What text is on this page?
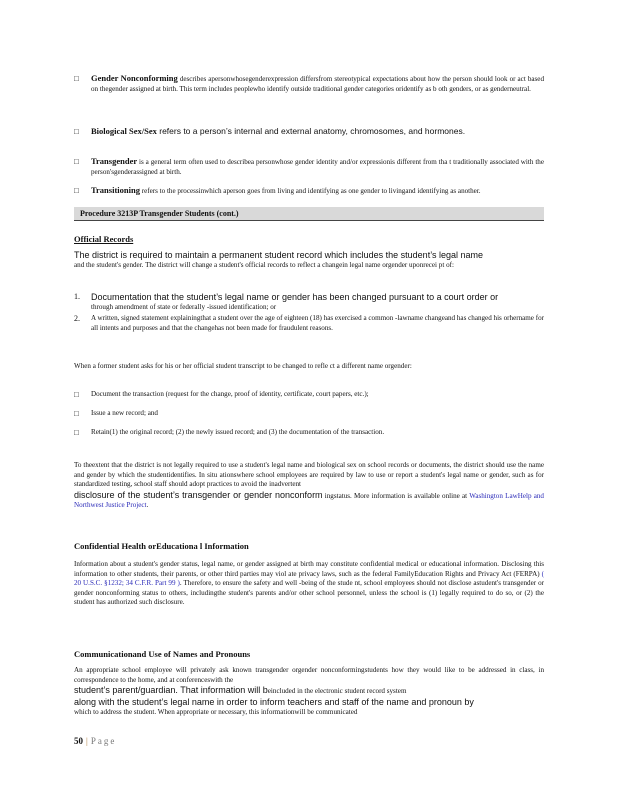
□	Gender Nonconforming describes apersonwhosegenderexpression differsfrom stereotypical expectations about how the person should look or act based on thegender assigned at birth. This term includes peoplewho identify outside traditional gender categories oridentify as b oth genders, or as genderneutral.
□	Biological Sex/Sex refers to a person’s internal and external anatomy, chromosomes, and hormones.
□	Transgender is a general term often used to describea personwhose gender identity and/or expressionis different from tha t traditionally associated with the person'sgenderassigned at birth.
□	Transitioning refers to the processinwhich aperson goes from living and identifying as one gender to livingand identifying as another.
Procedure 3213P Transgender Students (cont.)
Official Records
The district is required to maintain a permanent student record which includes the student’s legal name
and the student's gender. The district will change a student's official records to reflect a changein legal name orgender uponrecei pt of:
1. Documentation that the student’s legal name or gender has been changed pursuant to a court order or
through amendment of state or federally -issued identification; or
2. A written, signed statement explainingthat a student over the age of eighteen (18) has exercised a common -lawname changeand has changed his orhername for all intents and purposes and that the changehas not been made for fraudulent reasons.
When a former student asks for his or her official student transcript to be changed to refle ct a different name orgender:
□	Document the transaction (request for the change, proof of identity, certificate, court papers, etc.);
□	Issue a new record; and
□	Retain(1) the original record; (2) the newly issued record; and (3) the documentation of the transaction.
To theextent that the district is not legally required to use a student's legal name and biological sex on school records or documents, the district should use the name and gender by which the studentidentifies. In situ ationswhere school employees are required by law to use or report a student's legal name or gender, such as for standardized testing, school staff should adopt practices to avoid the inadvertent
disclosure of the student’s transgender or gender nonconform ingstatus. More information is available online at Washington LawHelp and Northwest Justice Project.
Confidential Health orEducationa l Information
Information about a student's gender status, legal name, or gender assigned at birth may constitute confidential medical or educational information. Disclosing this information to other students, their parents, or other third parties may viol ate privacy laws, such as the federal FamilyEducation Rights and Privacy Act (FERPA) ( 20 U.S.C. §1232; 34 C.F.R. Part 99 ). Therefore, to ensure the safety and well -being of the stude nt, school employees should not disclose astudent's transgender or gender nonconforming status to others, includingthe student's parents and/or other school personnel, unless the school is (1) legally required to do so, or (2) the student has authorized such disclosure.
Communicationand Use of Names and Pronouns
An appropriate school employee will privately ask known transgender orgender nonconformingstudents how they would like to be addressed in class, in correspondence to the home, and at conferenceswith the
student’s parent/guardian. That information will beincluded in the electronic student record system
along with the student’s legal name in order to inform teachers and staff of the name and pronoun by
which to address the student. When appropriate or necessary, this informationwill be communicated
50 | Page
